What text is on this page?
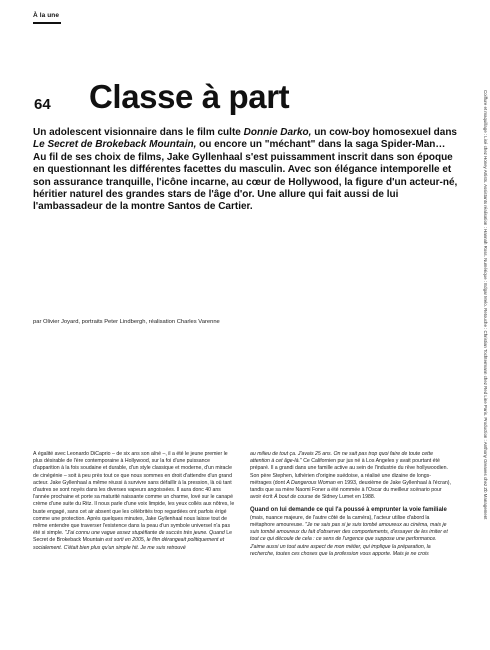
À la une
64 Classe à part
Un adolescent visionnaire dans le film culte Donnie Darko, un cow-boy homosexuel dans Le Secret de Brokeback Mountain, ou encore un "méchant" dans la saga Spider-Man… Au fil de ses choix de films, Jake Gyllenhaal s'est puissamment inscrit dans son époque en questionnant les différentes facettes du masculin. Avec son élégance intemporelle et son assurance tranquille, l'icône incarne, au cœur de Hollywood, la figure d'un acteur-né, héritier naturel des grandes stars de l'âge d'or. Une allure qui fait aussi de lui l'ambassadeur de la montre Santos de Cartier.
par Olivier Joyard, portraits Peter Lindbergh, réalisation Charles Varenne

À égalité avec Leonardo DiCaprio – de six ans son aîné –, il a été le jeune premier le plus désirable de l'ère contemporaine à Hollywood, sur la foi d'une puissance d'apparition à la fois soudaine et durable, d'un style classique et moderne, d'un miracle de cinégénie – soit à peu près tout ce que nous sommes en droit d'attendre d'un grand acteur. Jake Gyllenhaal a même réussi à survivre sans défaillir à la pression, là où tant d'autres se sont noyés dans les diverses vapeurs angoissées. Il aura donc 40 ans l'année prochaine et porte sa maturité naissante comme un charme, lové sur le canapé crème d'une suite du Ritz. Il nous parle d'une voix limpide, les yeux collés aux nôtres, le buste engagé, sans cet air absent que les célébrités trop regardées ont parfois érigé comme une protection. Après quelques minutes, Jake Gyllenhaal nous laisse tout de même entendre que traverser l'existence dans la peau d'un symbole universel n'a pas été si simple. "J'ai connu une vague assez stupéfiante de succès très jeune. Quand Le Secret de Brokeback Mountain est sorti en 2005, le film dérangeait politiquement et socialement. C'était bien plus qu'un simple hit. Je me suis retrouvé

au milieu de tout ça. J'avais 25 ans. On ne sait pas trop quoi faire de toute cette attention à cet âge-là." Ce Californien pur jus né à Los Angeles y avait pourtant été préparé. Il a grandi dans une famille active au sein de l'industrie du rêve hollywoodien. Son père Stephen, luthérien d'origine suédoise, a réalisé une dizaine de longs-métrages (dont A Dangerous Woman en 1993, deuxième de Jake Gyllenhaal à l'écran), tandis que sa mère Naomi Foner a été nommée à l'Oscar du meilleur scénario pour avoir écrit À bout de course de Sidney Lumet en 1988.

Quand on lui demande ce qui l'a poussé à emprunter la voie familiale

(mais, nuance majeure, de l'autre côté de la caméra), l'acteur utilise d'abord la métaphore amoureuse. "Je ne sais pas si je suis tombé amoureux au cinéma, mais je suis tombé amoureux du fait d'observer des comportements, d'essayer de les imiter et tout ce qui découle de cela : ce sens de l'urgence que suppose une performance. J'aime aussi un tout autre aspect de mon métier, qui implique la préparation, la recherche, toutes ces choses que la profession vous apporte. Mais je ne crois

Coiffure et maquillage : Lisé chez Honey Artists. Assistants réalisation : Hannah Ross. Numérique : Edgar Melo. Retouche : Christian Tochtermann chez Red Line Paris. Production : Anthony Greaves chez Zb Management
